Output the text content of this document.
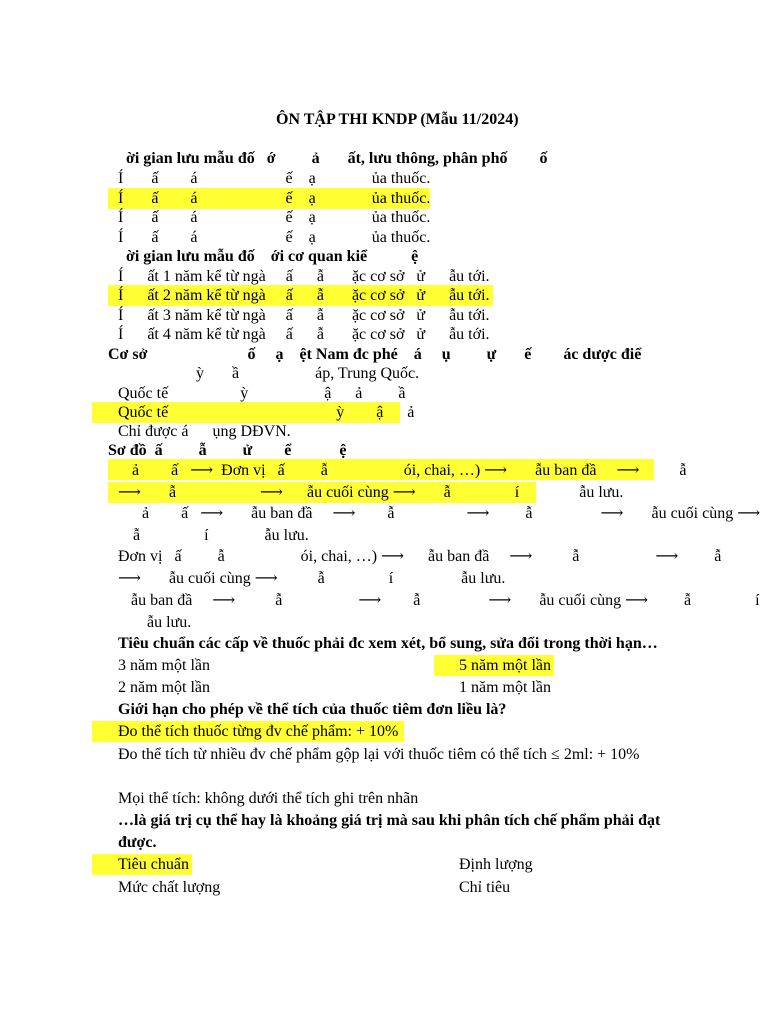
ÔN TẬP THI KNDP (Mẫu 11/2024)
ời gian lưu mẫu đố   ớ         ả       ất, lưu thông, phân phố        ố
Í       ấ        á                      ế    ạ              ủa thuốc.
Í       ấ        á                      ế    ạ              ủa thuốc.
Í       ấ        á                      ế    ạ              ủa thuốc.
Í       ấ        á                      ế    ạ              ủa thuốc.
ời gian lưu mẫu đố    ới cơ quan kiể           ệ
Í      ất 1 năm kể từ ngà     ấ      ẫ       ặc cơ sở   ử      ẫu tới.
Í      ất 2 năm kể từ ngà     ấ      ẫ       ặc cơ sở   ử      ẫu tới.
Í      ất 3 năm kể từ ngà     ấ      ẫ       ặc cơ sở   ử      ẫu tới.
Í      ất 4 năm kể từ ngà     ấ      ẫ       ặc cơ sở   ử      ẫu tới.
Cơ sở                         ố     ạ    ệt Nam đc phé    á     ụ         ự       ế        ác dược điể
ỳ       ầ                   áp, Trung Quốc.
Quốc tế                  ỳ                   ậ      ả         ầ
Quốc tế                                          ỳ        ậ      ả
Chỉ được á      ụng DĐVN.
Sơ đồ  ấ         ẫ         ử        ể            ệ
ả        ấ   ⟶  Đơn vị   ấ         ẫ                   ói, chai, …) ⟶       ẫu ban đầ     ⟶          ẫ
⟶       ẫ                     ⟶      ẫu cuối cùng ⟶       ẫ                í               ẫu lưu.
ả        ấ   ⟶       ẫu ban đầ     ⟶        ẫ                  ⟶         ẫ                 ⟶       ẫu cuối cùng ⟶
ẫ                í              ẫu lưu.
Đơn vị   ấ         ẫ                   ói, chai, …) ⟶      ẫu ban đầ     ⟶          ẫ                   ⟶         ẫ
⟶       ẫu cuối cùng ⟶          ẫ                í                 ẫu lưu.
ẫu ban đầ     ⟶          ẫ                   ⟶        ẫ                 ⟶       ẫu cuối cùng ⟶         ẫ                í
ẫu lưu.
Tiêu chuẩn các cấp về thuốc phải đc xem xét, bổ sung, sửa đổi trong thời hạn…
3 năm một lần	5 năm một lần
2 năm một lần	1 năm một lần
Giới hạn cho phép về thể tích của thuốc tiêm đơn liều là?
Đo thể tích thuốc từng đv chế phẩm: + 10%
Đo thể tích từ nhiều đv chế phẩm gộp lại với thuốc tiêm có thể tích ≤ 2ml: + 10%
Mọi thể tích: không dưới thể tích ghi trên nhãn
…là giá trị cụ thể hay là khoảng giá trị mà sau khi phân tích chế phẩm phải đạt
được.
Tiêu chuẩn	Định lượng
Mức chất lượng	Chỉ tiêu
